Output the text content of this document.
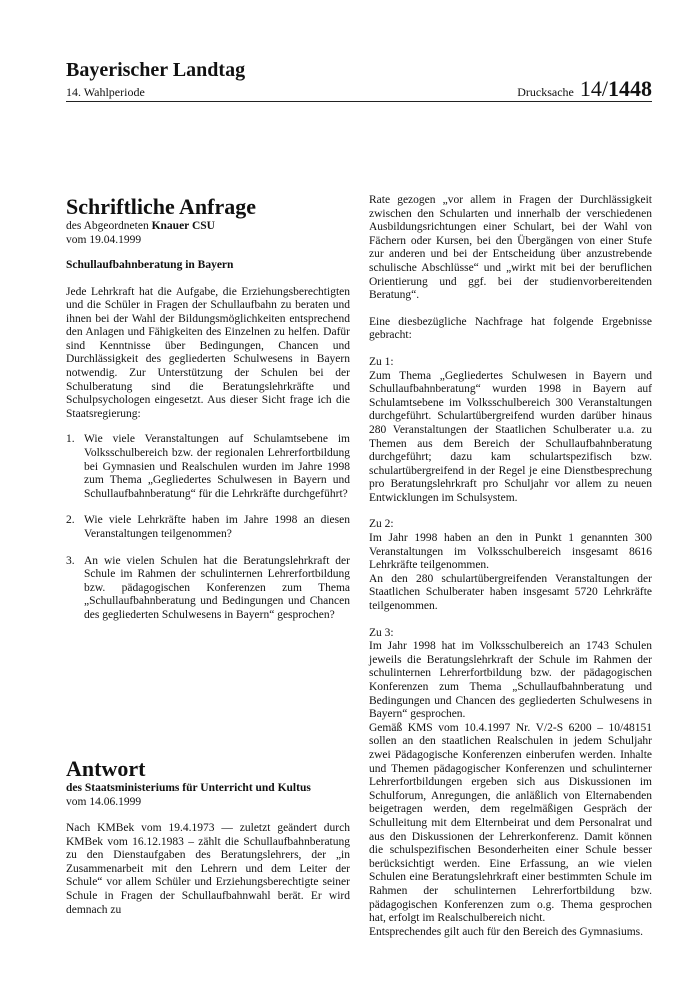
Bayerischer Landtag
14. Wahlperiode	Drucksache 14/1448
Schriftliche Anfrage
des Abgeordneten Knauer CSU
vom 19.04.1999
Schullaufbahnberatung in Bayern

Jede Lehrkraft hat die Aufgabe, die Erziehungsberechtigten und die Schüler in Fragen der Schullaufbahn zu beraten und ihnen bei der Wahl der Bildungsmöglichkeiten entsprechend den Anlagen und Fähigkeiten des Einzelnen zu helfen. Dafür sind Kenntnisse über Bedingungen, Chancen und Durchlässigkeit des gegliederten Schulwesens in Bayern notwendig. Zur Unterstützung der Schulen bei der Schulberatung sind die Beratungslehrkräfte und Schulpsychologen eingesetzt. Aus dieser Sicht frage ich die Staatsregierung:

1. Wie viele Veranstaltungen auf Schulamtsebene im Volksschulbereich bzw. der regionalen Lehrerfortbildung bei Gymnasien und Realschulen wurden im Jahre 1998 zum Thema „Gegliedertes Schulwesen in Bayern und Schullaufbahnberatung“ für die Lehrkräfte durchgeführt?
2. Wie viele Lehrkräfte haben im Jahre 1998 an diesen Veranstaltungen teilgenommen?
3. An wie vielen Schulen hat die Beratungslehrkraft der Schule im Rahmen der schulinternen Lehrerfortbildung bzw. pädagogischen Konferenzen zum Thema „Schullaufbahnberatung und Bedingungen und Chancen des gegliederten Schulwesens in Bayern“ gesprochen?
Antwort
des Staatsministeriums für Unterricht und Kultus
vom 14.06.1999

Nach KMBek vom 19.4.1973 — zuletzt geändert durch KMBek vom 16.12.1983 – zählt die Schullaufbahnberatung zu den Dienstaufgaben des Beratungslehrers, der „in Zusammenarbeit mit den Lehrern und dem Leiter der Schule“ vor allem Schüler und Erziehungsberechtigte seiner Schule in Fragen der Schullaufbahnwahl berät. Er wird demnach zu

Rate gezogen „vor allem in Fragen der Durchlässigkeit zwischen den Schularten und innerhalb der verschiedenen Ausbildungsrichtungen einer Schulart, bei der Wahl von Fächern oder Kursen, bei den Übergängen von einer Stufe zur anderen und bei der Entscheidung über anzustrebende schulische Abschlüsse“ und „wirkt mit bei der beruflichen Orientierung und ggf. bei der studienvorbereitenden Beratung“.

Eine diesbezügliche Nachfrage hat folgende Ergebnisse gebracht:

Zu 1:

Zum Thema „Gegliedertes Schulwesen in Bayern und Schullaufbahnberatung“ wurden 1998 in Bayern auf Schulamtsebene im Volksschulbereich 300 Veranstaltungen durchgeführt. Schulartübergreifend wurden darüber hinaus 280 Veranstaltungen der Staatlichen Schulberater u.a. zu Themen aus dem Bereich der Schullaufbahnberatung durchgeführt; dazu kam schulartspezifisch bzw. schulartübergreifend in der Regel je eine Dienstbesprechung pro Beratungslehrkraft pro Schuljahr vor allem zu neuen Entwicklungen im Schulsystem.

Zu 2:

Im Jahr 1998 haben an den in Punkt 1 genannten 300 Veranstaltungen im Volksschulbereich insgesamt 8616 Lehrkräfte teilgenommen.

An den 280 schulartübergreifenden Veranstaltungen der Staatlichen Schulberater haben insgesamt 5720 Lehrkräfte teilgenommen.

Zu 3:

Im Jahr 1998 hat im Volksschulbereich an 1743 Schulen jeweils die Beratungslehrkraft der Schule im Rahmen der schulinternen Lehrerfortbildung bzw. der pädagogischen Konferenzen zum Thema „Schullaufbahnberatung und Bedingungen und Chancen des gegliederten Schulwesens in Bayern“ gesprochen.

Gemäß KMS vom 10.4.1997 Nr. V/2-S 6200 – 10/48151 sollen an den staatlichen Realschulen in jedem Schuljahr zwei Pädagogische Konferenzen einberufen werden. Inhalte und Themen pädagogischer Konferenzen und schulinterner Lehrerfortbildungen ergeben sich aus Diskussionen im Schulforum, Anregungen, die anläßlich von Elternabenden beigetragen werden, dem regelmäßigen Gespräch der Schulleitung mit dem Elternbeirat und dem Personalrat und aus den Diskussionen der Lehrerkonferenz. Damit können die schulspezifischen Besonderheiten einer Schule besser berücksichtigt werden. Eine Erfassung, an wie vielen Schulen eine Beratungslehrkraft einer bestimmten Schule im Rahmen der schulinternen Lehrerfortbildung bzw. pädagogischen Konferenzen zum o.g. Thema gesprochen hat, erfolgt im Realschulbereich nicht.

Entsprechendes gilt auch für den Bereich des Gymnasiums.
